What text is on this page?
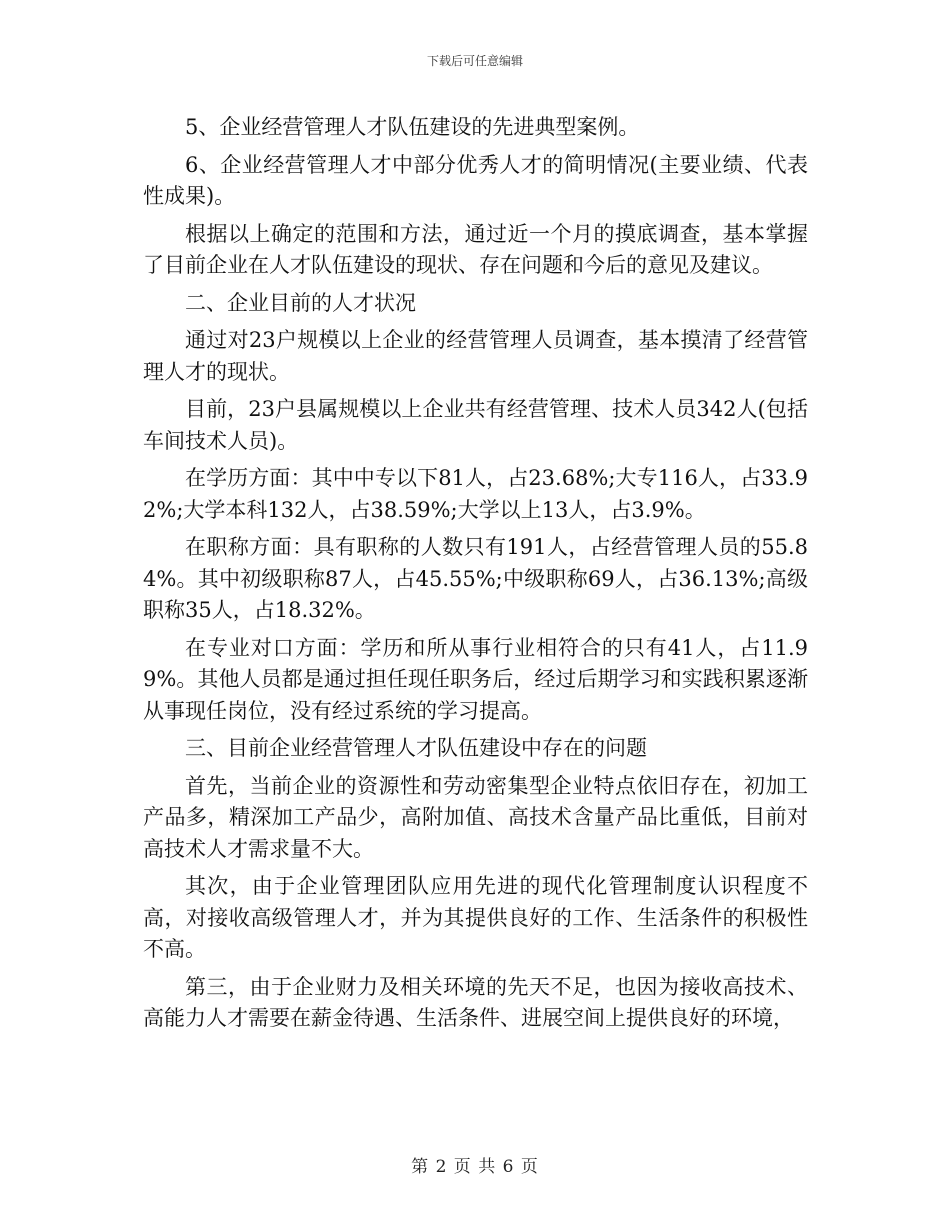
下载后可任意编辑

5、企业经营管理人才队伍建设的先进典型案例。

6、企业经营管理人才中部分优秀人才的简明情况(主要业绩、代表性成果)。

根据以上确定的范围和方法，通过近一个月的摸底调查，基本掌握了目前企业在人才队伍建设的现状、存在问题和今后的意见及建议。

二、企业目前的人才状况

通过对23户规模以上企业的经营管理人员调查，基本摸清了经营管理人才的现状。

目前，23户县属规模以上企业共有经营管理、技术人员342人(包括车间技术人员)。

在学历方面：其中中专以下81人，占23.68%;大专116人，占33.92%;大学本科132人，占38.59%;大学以上13人，占3.9%。

在职称方面：具有职称的人数只有191人，占经营管理人员的55.84%。其中初级职称87人，占45.55%;中级职称69人，占36.13%;高级职称35人，占18.32%。

在专业对口方面：学历和所从事行业相符合的只有41人，占11.99%。其他人员都是通过担任现任职务后，经过后期学习和实践积累逐渐从事现任岗位，没有经过系统的学习提高。

三、目前企业经营管理人才队伍建设中存在的问题

首先，当前企业的资源性和劳动密集型企业特点依旧存在，初加工产品多，精深加工产品少，高附加值、高技术含量产品比重低，目前对高技术人才需求量不大。

其次，由于企业管理团队应用先进的现代化管理制度认识程度不高，对接收高级管理人才，并为其提供良好的工作、生活条件的积极性不高。

第三，由于企业财力及相关环境的先天不足，也因为接收高技术、高能力人才需要在薪金待遇、生活条件、进展空间上提供良好的环境，

第 2 页 共 6 页
